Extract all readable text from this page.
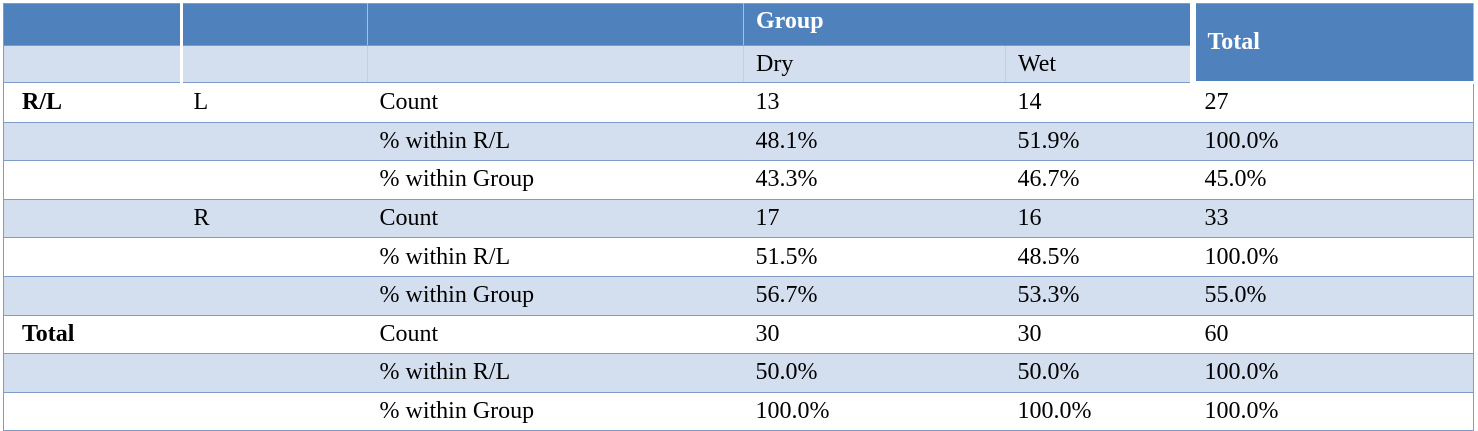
			Group		Total
			Dry	Wet	
R/L	L	Count	13	14	27
		% within R/L	48.1%	51.9%	100.0%
		% within Group	43.3%	46.7%	45.0%
	R	Count	17	16	33
		% within R/L	51.5%	48.5%	100.0%
		% within Group	56.7%	53.3%	55.0%
Total		Count	30	30	60
		% within R/L	50.0%	50.0%	100.0%
		% within Group	100.0%	100.0%	100.0%
